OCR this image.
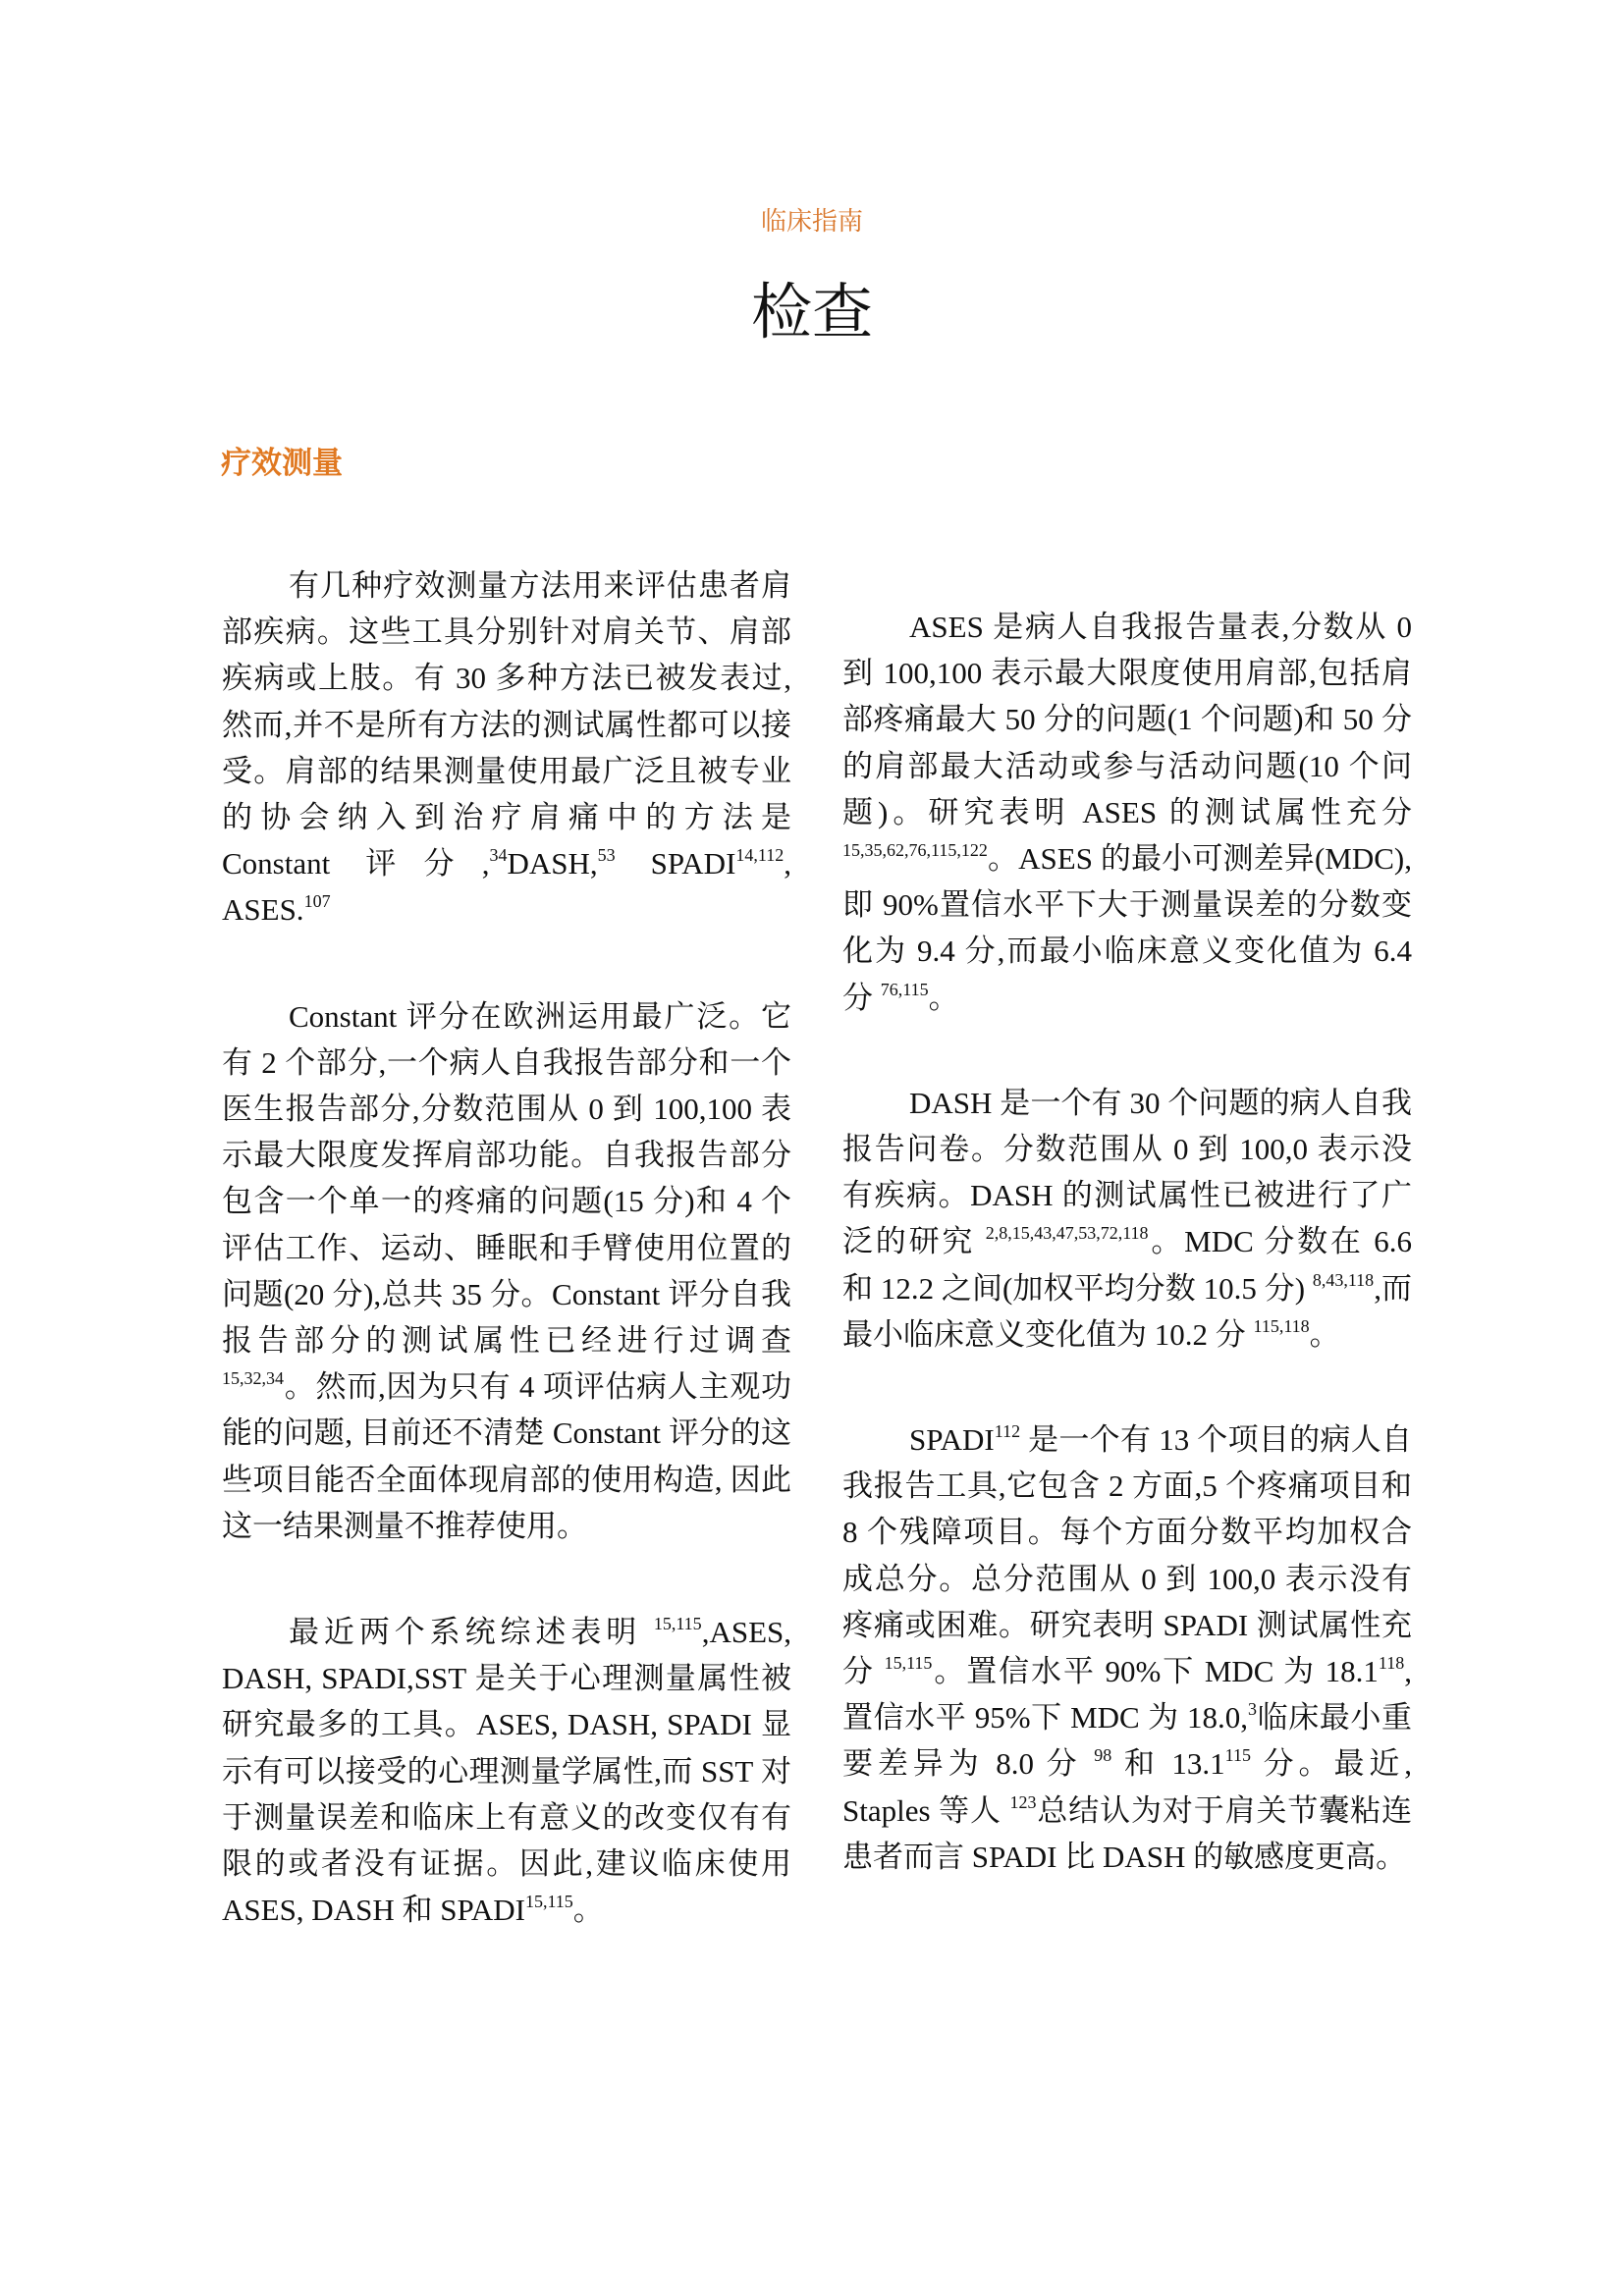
临床指南
检查
疗效测量

有几种疗效测量方法用来评估患者肩部疾病。这些工具分别针对肩关节、肩部疾病或上肢。有 30 多种方法已被发表过,然而,并不是所有方法的测试属性都可以接受。肩部的结果测量使用最广泛且被专业的协会纳入到治疗肩痛中的方法是 Constant 评分,$^{34}$DASH,$^{53}$ SPADI$^{14,112}$, ASES.$^{107}$

Constant 评分在欧洲运用最广泛。它有 2 个部分,一个病人自我报告部分和一个医生报告部分,分数范围从 0 到 100,100 表示最大限度发挥肩部功能。自我报告部分包含一个单一的疼痛的问题(15 分)和 4 个评估工作、运动、睡眠和手臂使用位置的问题(20 分),总共 35 分。Constant 评分自我报告部分的测试属性已经进行过调查 $^{15,32,34}$。然而,因为只有 4 项评估病人主观功能的问题, 目前还不清楚 Constant 评分的这些项目能否全面体现肩部的使用构造, 因此这一结果测量不推荐使用。

最近两个系统综述表明 $^{15,115}$,ASES, DASH, SPADI,SST 是关于心理测量属性被研究最多的工具。ASES, DASH, SPADI 显示有可以接受的心理测量学属性,而 SST 对于测量误差和临床上有意义的改变仅有有限的或者没有证据。因此,建议临床使用 ASES, DASH 和 SPADI$^{15,115}$。

ASES 是病人自我报告量表,分数从 0 到 100,100 表示最大限度使用肩部,包括肩部疼痛最大 50 分的问题(1 个问题)和 50 分的肩部最大活动或参与活动问题(10 个问题)。研究表明 ASES 的测试属性充分 $^{15,35,62,76,115,122}$。ASES 的最小可测差异(MDC),即 90%置信水平下大于测量误差的分数变化为 9.4 分,而最小临床意义变化值为 6.4 分 $^{76,115}$。

DASH 是一个有 30 个问题的病人自我报告问卷。分数范围从 0 到 100,0 表示没有疾病。DASH 的测试属性已被进行了广泛的研究 $^{2,8,15,43,47,53,72,118}$。MDC 分数在 6.6 和 12.2 之间(加权平均分数 10.5 分) $^{8,43,118}$,而最小临床意义变化值为 10.2 分 $^{115,118}$。

SPADI$^{112}$ 是一个有 13 个项目的病人自我报告工具,它包含 2 方面,5 个疼痛项目和 8 个残障项目。每个方面分数平均加权合成总分。总分范围从 0 到 100,0 表示没有疼痛或困难。研究表明 SPADI 测试属性充分 $^{15,115}$。置信水平 90%下 MDC 为 18.1$^{118}$,置信水平 95%下 MDC 为 18.0,$^3$临床最小重要差异为 8.0 分 $^{98}$ 和 13.1$^{115}$ 分。最近, Staples 等人 $^{123}$总结认为对于肩关节囊粘连患者而言 SPADI 比 DASH 的敏感度更高。
